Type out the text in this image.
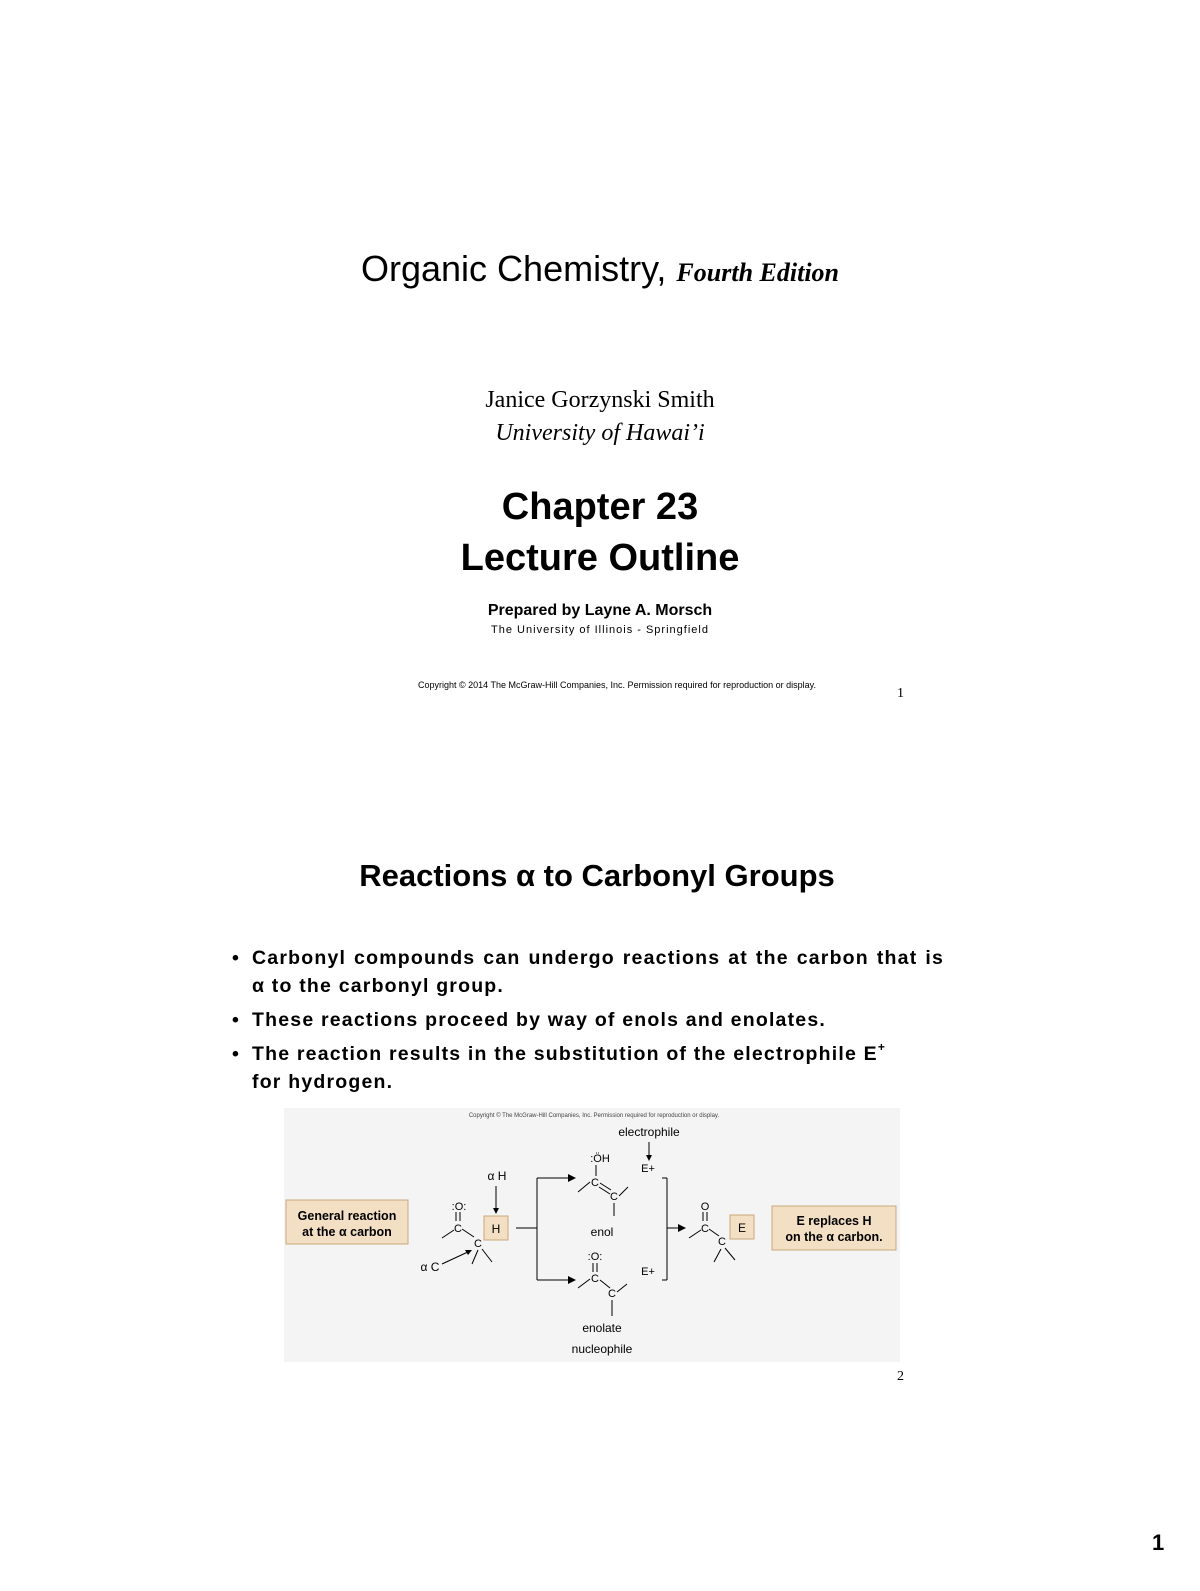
Organic Chemistry, Fourth Edition
Janice Gorzynski Smith
University of Hawai’i
Chapter 23
Lecture Outline
Prepared by Layne A. Morsch
The University of Illinois - Springfield
Copyright © 2014 The McGraw-Hill Companies, Inc. Permission required for reproduction or display.
1
Reactions α to Carbonyl Groups
• Carbonyl compounds can undergo reactions at the carbon that is α to the carbonyl group.
• These reactions proceed by way of enols and enolates.
• The reaction results in the substitution of the electrophile E+
for hydrogen.
Copyright © The McGraw-Hill Companies, Inc. Permission required for reproduction or display.
General reaction
at the α carbon
:O:
C
C
H
α H
α C
:ÖH
C
C
enol
E+
electrophile
:O:
C
C
E+
enolate
nucleophile
O
C
C
E	E replaces H
on the α carbon.
2
1
